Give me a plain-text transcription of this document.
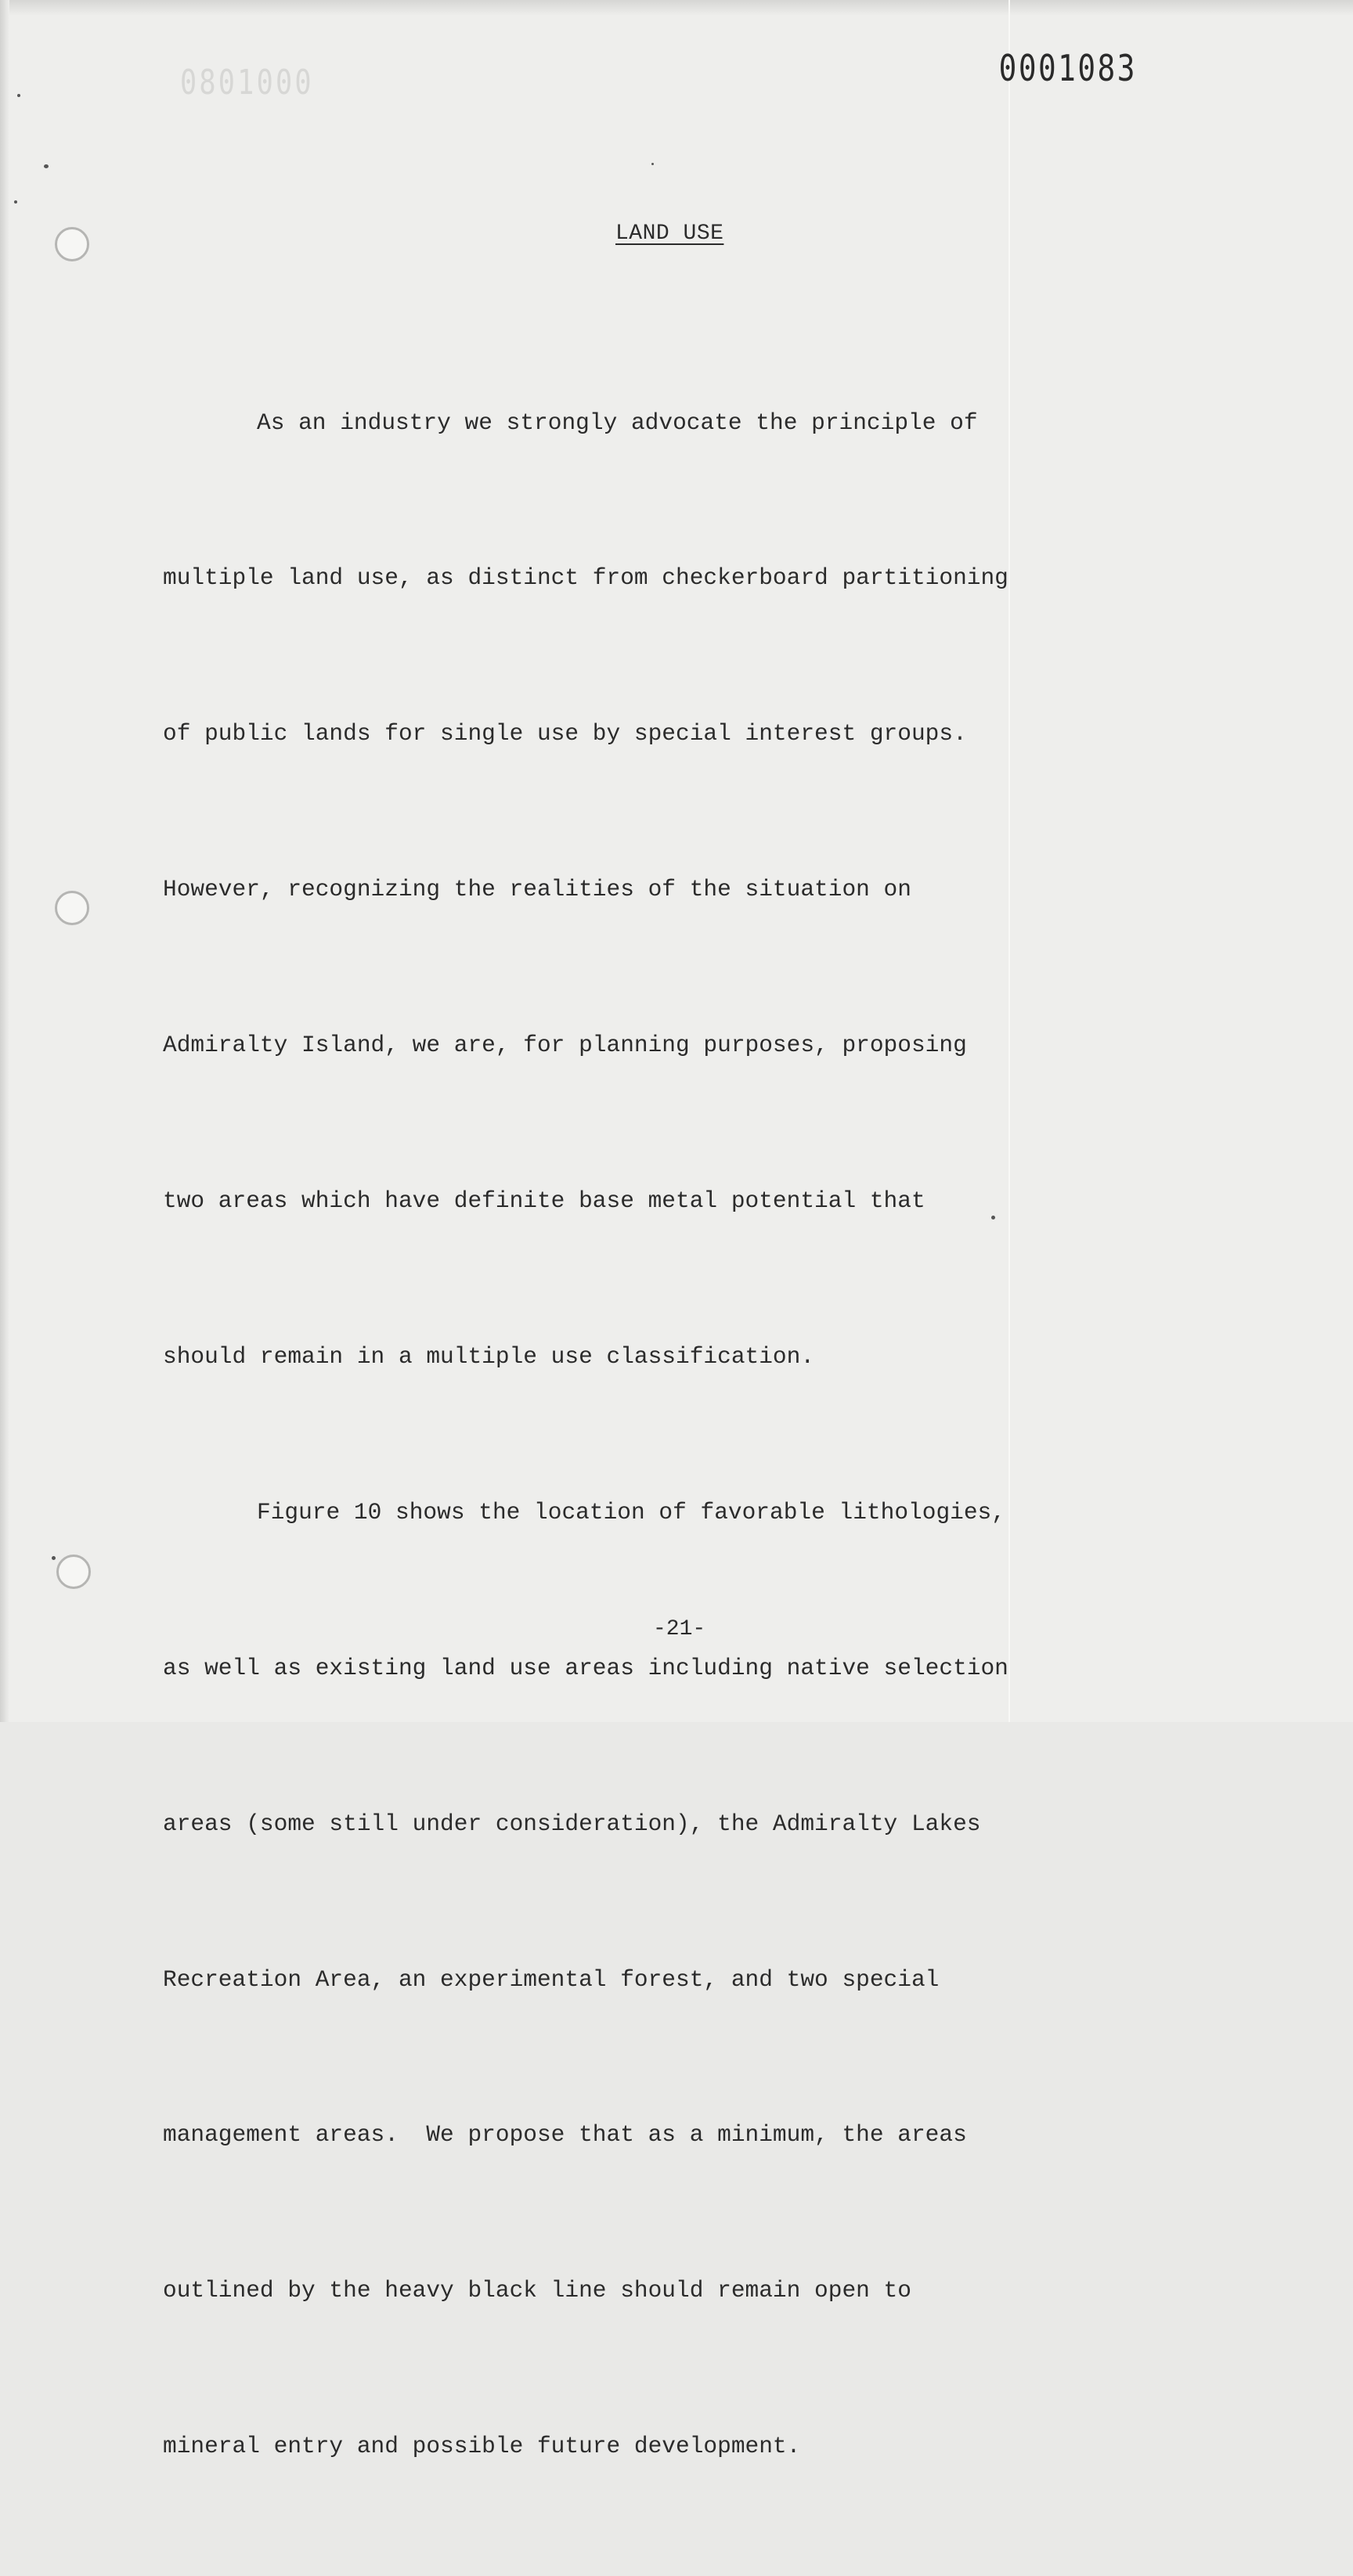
0801000	0001083
LAND USE

As an industry we strongly advocate the principle of

multiple land use, as distinct from checkerboard partitioning

of public lands for single use by special interest groups.

However, recognizing the realities of the situation on

Admiralty Island, we are, for planning purposes, proposing

two areas which have definite base metal potential that

should remain in a multiple use classification.

Figure 10 shows the location of favorable lithologies,

as well as existing land use areas including native selection

areas (some still under consideration), the Admiralty Lakes

Recreation Area, an experimental forest, and two special

management areas.  We propose that as a minimum, the areas

outlined by the heavy black line should remain open to

mineral entry and possible future development.

-21-
